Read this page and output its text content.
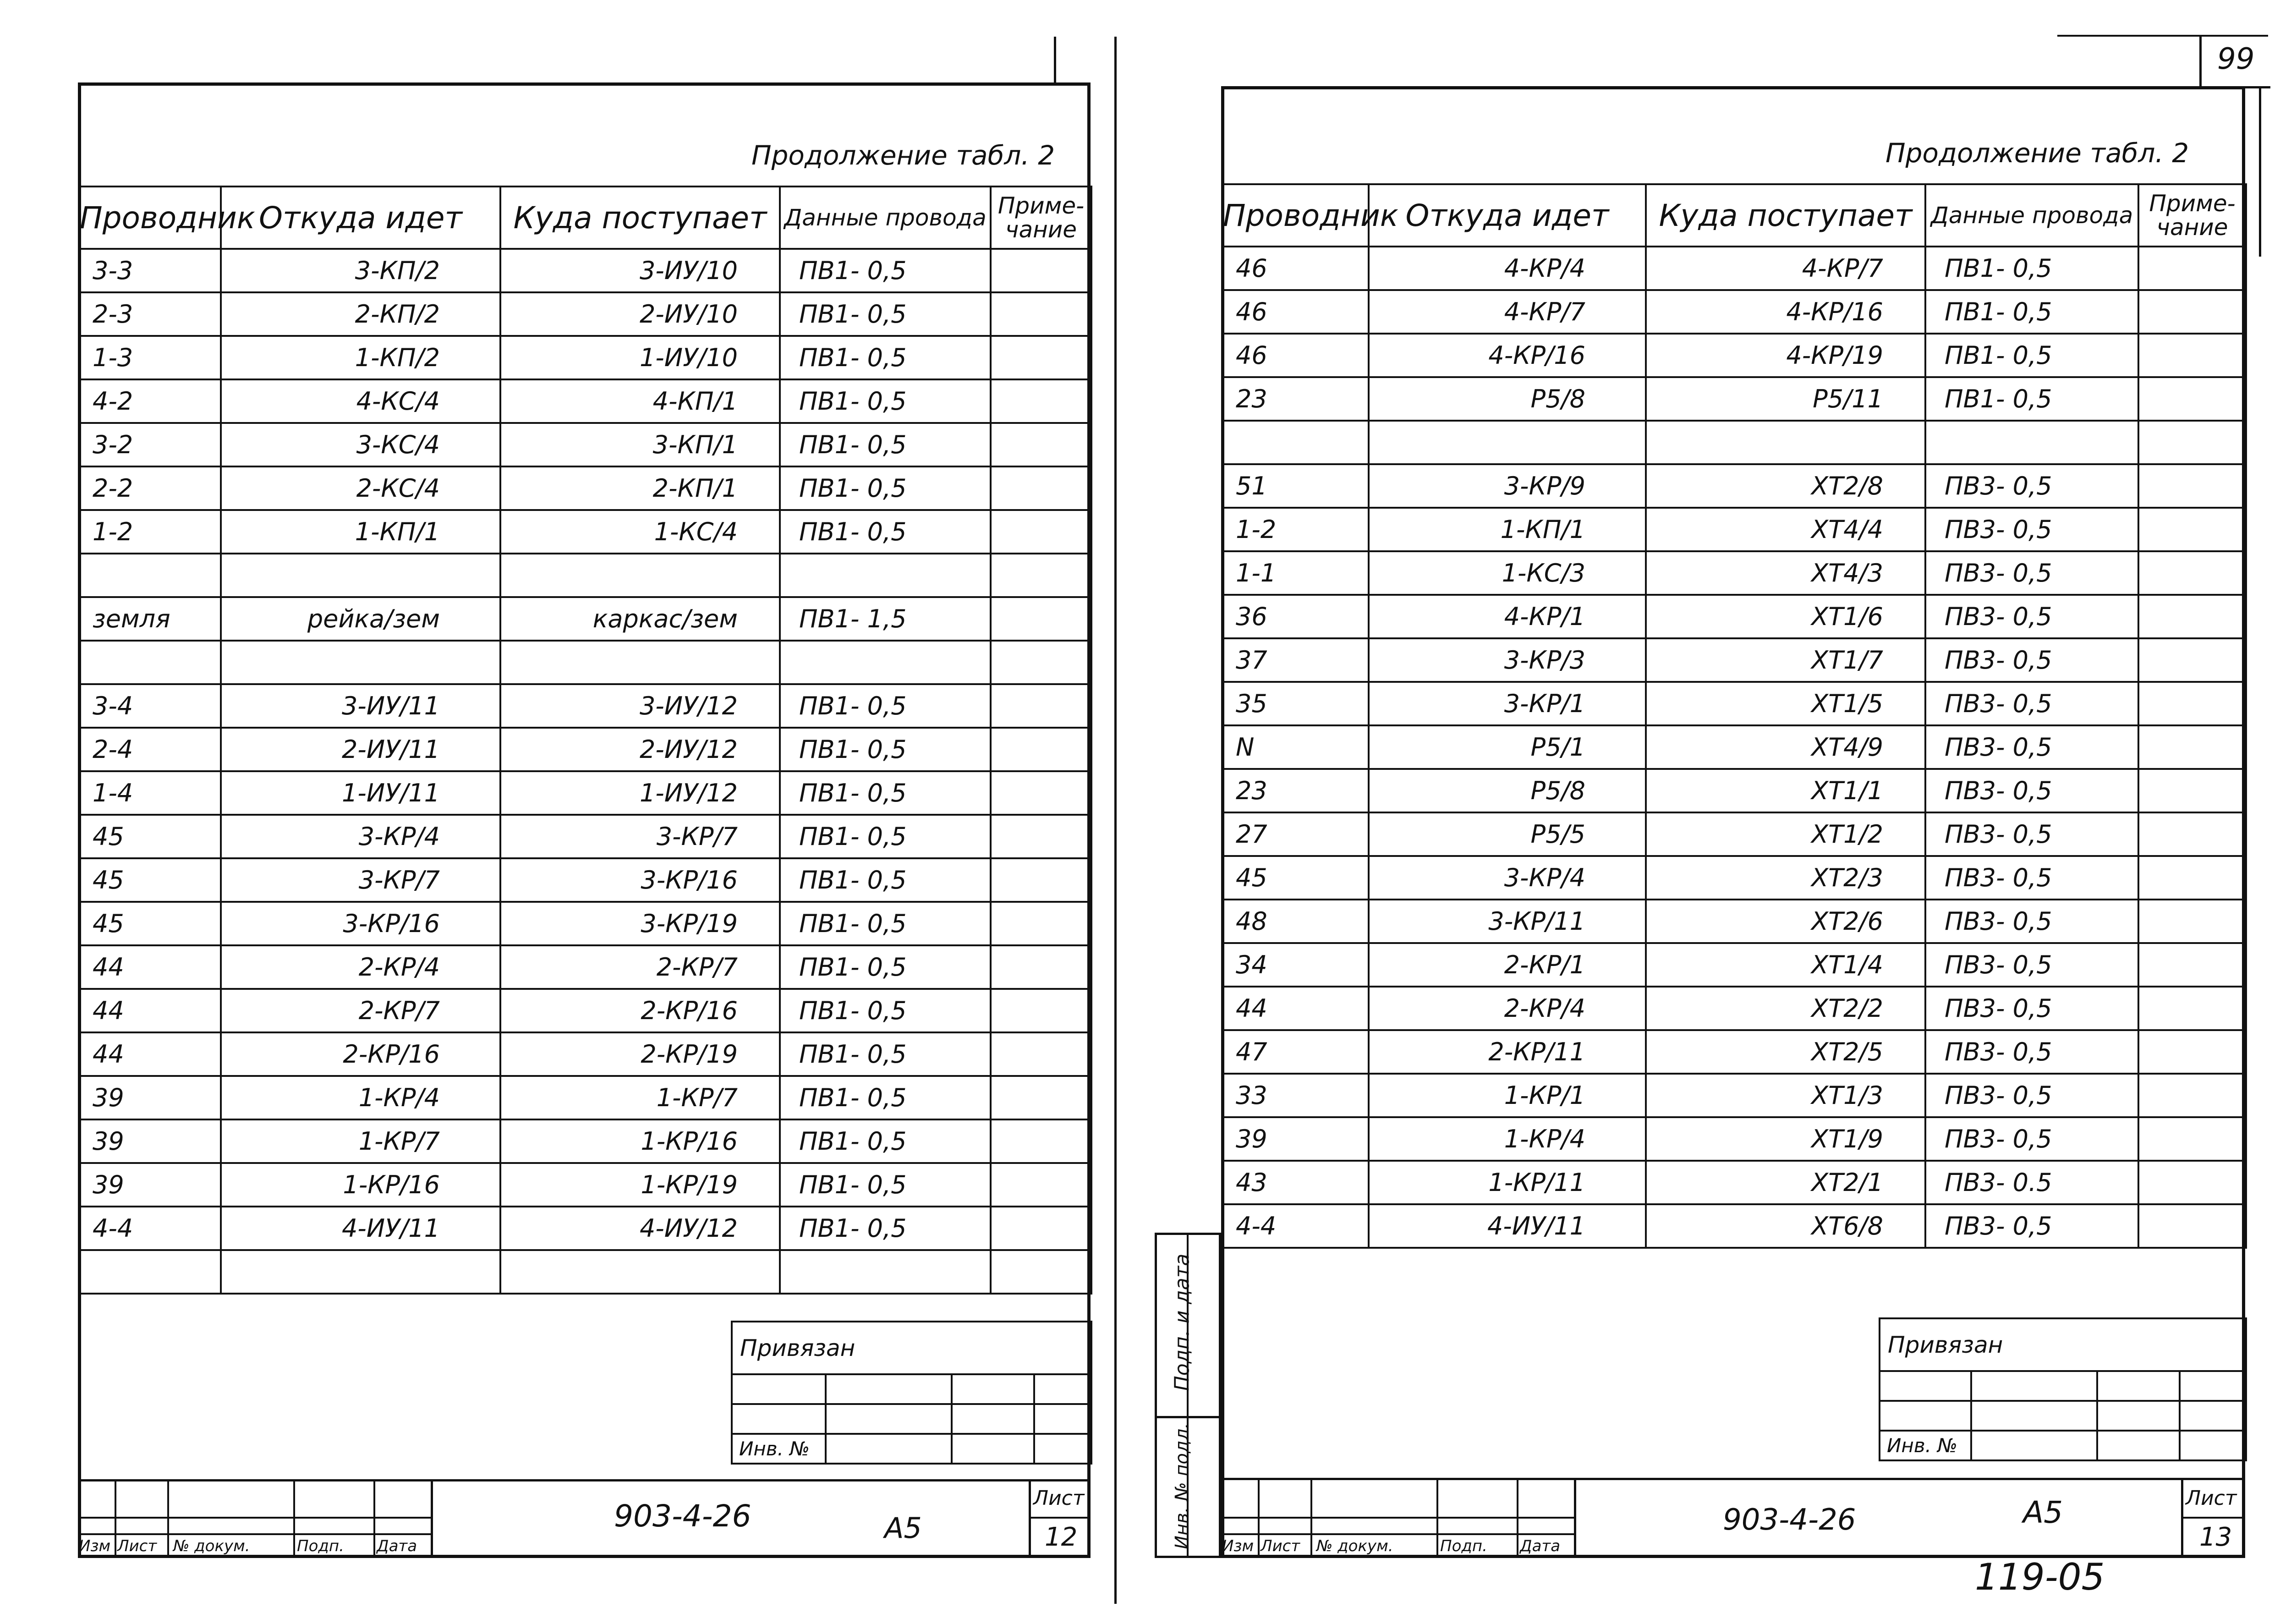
99
Продолжение табл. 2
Проводник	Откуда идет	Куда поступает	Данные провода	Приме-чание
3-3	3-КП/2	3-ИУ/10	ПВ1- 0,5	
2-3	2-КП/2	2-ИУ/10	ПВ1- 0,5	
1-3	1-КП/2	1-ИУ/10	ПВ1- 0,5	
4-2	4-КС/4	4-КП/1	ПВ1- 0,5	
3-2	3-КС/4	3-КП/1	ПВ1- 0,5	
2-2	2-КС/4	2-КП/1	ПВ1- 0,5	
1-2	1-КП/1	1-КС/4	ПВ1- 0,5	

земля	рейка/зем	каркас/зем	ПВ1- 1,5	

3-4	3-ИУ/11	3-ИУ/12	ПВ1- 0,5	
2-4	2-ИУ/11	2-ИУ/12	ПВ1- 0,5	
1-4	1-ИУ/11	1-ИУ/12	ПВ1- 0,5	
45	3-КР/4	3-КР/7	ПВ1- 0,5	
45	3-КР/7	3-КР/16	ПВ1- 0,5	
45	3-КР/16	3-КР/19	ПВ1- 0,5	
44	2-КР/4	2-КР/7	ПВ1- 0,5	
44	2-КР/7	2-КР/16	ПВ1- 0,5	
44	2-КР/16	2-КР/19	ПВ1- 0,5	
39	1-КР/4	1-КР/7	ПВ1- 0,5	
39	1-КР/7	1-КР/16	ПВ1- 0,5	
39	1-КР/16	1-КР/19	ПВ1- 0,5	
4-4	4-ИУ/11	4-ИУ/12	ПВ1- 0,5	

Привязан			

Инв. №			
Изм Лист № докум.	Подп. Дата
903-4-26	А5
Лист
12
Продолжение табл. 2
Проводник	Откуда идет	Куда поступает	Данные провода	Приме-чание
46	4-КР/4	4-КР/7	ПВ1- 0,5	
46	4-КР/7	4-КР/16	ПВ1- 0,5	
46	4-КР/16	4-КР/19	ПВ1- 0,5	
23	Р5/8	Р5/11	ПВ1- 0,5	

51	3-КР/9	ХТ2/8	ПВ3- 0,5	
1-2	1-КП/1	ХТ4/4	ПВ3- 0,5	
1-1	1-КС/3	ХТ4/3	ПВ3- 0,5	
36	4-КР/1	ХТ1/6	ПВ3- 0,5	
37	3-КР/3	ХТ1/7	ПВ3- 0,5	
35	3-КР/1	ХТ1/5	ПВ3- 0,5	
N	Р5/1	ХТ4/9	ПВ3- 0,5	
23	Р5/8	ХТ1/1	ПВ3- 0,5	
27	Р5/5	ХТ1/2	ПВ3- 0,5	
45	3-КР/4	ХТ2/3	ПВ3- 0,5	
48	3-КР/11	ХТ2/6	ПВ3- 0,5	
34	2-КР/1	ХТ1/4	ПВ3- 0,5	
44	2-КР/4	ХТ2/2	ПВ3- 0,5	
47	2-КР/11	ХТ2/5	ПВ3- 0,5	
33	1-КР/1	ХТ1/3	ПВ3- 0,5	
39	1-КР/4	ХТ1/9	ПВ3- 0,5	
43	1-КР/11	ХТ2/1	ПВ3- 0.5	
4-4	4-ИУ/11	ХТ6/8	ПВ3- 0,5	
Подп. и дата
Инв. № подл.
Привязан			

Инв. №			
Изм Лист № докум.	Подп. Дата
903-4-26	А5	Лист
13
119-05
